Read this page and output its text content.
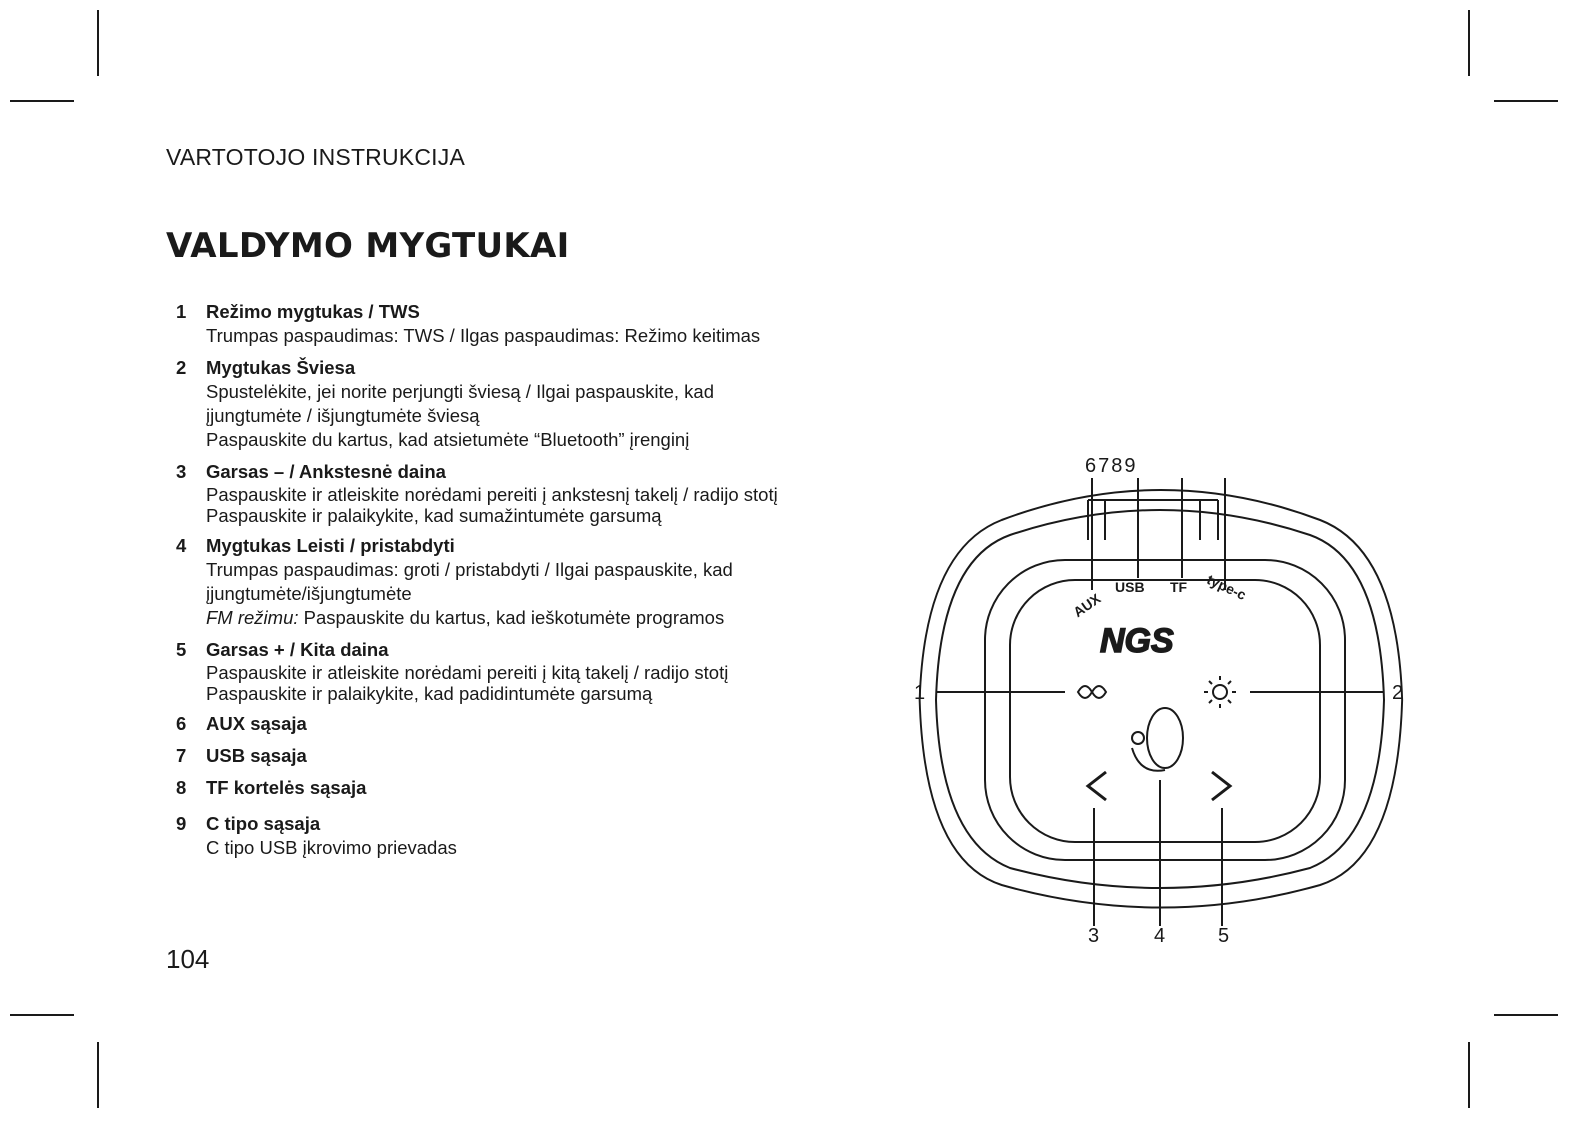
VARTOTOJO INSTRUKCIJA
VALDYMO MYGTUKAI
1 Režimo mygtukas / TWS
Trumpas paspaudimas: TWS / Ilgas paspaudimas: Režimo keitimas
2 Mygtukas Šviesa
Spustelėkite, jei norite perjungti šviesą / Ilgai paspauskite, kad
įjungtumėte / išjungtumėte šviesą
Paspauskite du kartus, kad atsietumėte “Bluetooth” įrenginį
3 Garsas – / Ankstesnė daina
Paspauskite ir atleiskite norėdami pereiti į ankstesnį takelį / radijo stotį
Paspauskite ir palaikykite, kad sumažintumėte garsumą
4 Mygtukas Leisti / pristabdyti
Trumpas paspaudimas: groti / pristabdyti / Ilgai paspauskite, kad
įjungtumėte/išjungtumėte
FM režimu: Paspauskite du kartus, kad ieškotumėte programos
5 Garsas + / Kita daina
Paspauskite ir atleiskite norėdami pereiti į kitą takelį / radijo stotį
Paspauskite ir palaikykite, kad padidintumėte garsumą
6 AUX sąsaja
7 USB sąsaja
8 TF kortelės sąsaja
9 C tipo sąsaja
C tipo USB įkrovimo prievadas
104
AUX
USB TF type-c
NGS
6789
1	2
3	4	5
